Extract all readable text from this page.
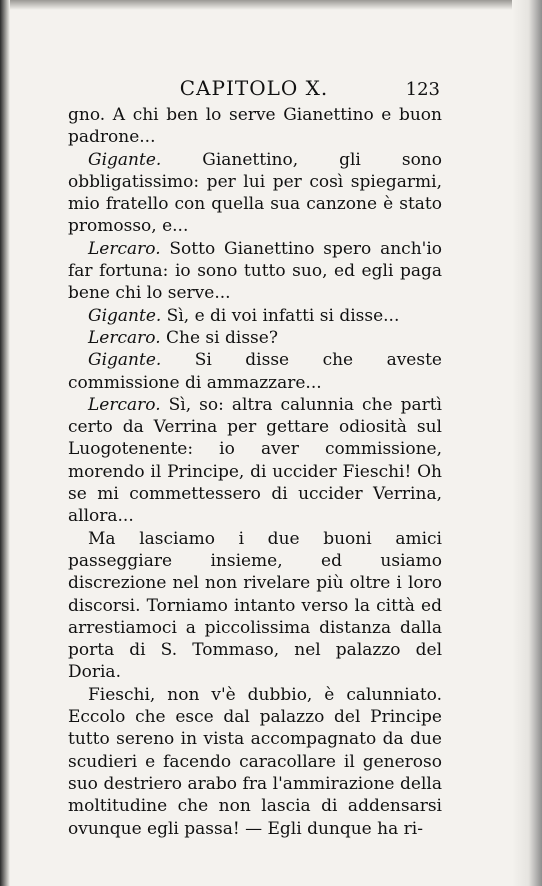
CAPITOLO X.	123

gno. A chi ben lo serve Gianettino e buon padrone...

Gigante. Gianettino, gli sono obbligatissimo: per lui per così spiegarmi, mio fratello con quella sua canzone è stato promosso, e...

Lercaro. Sotto Gianettino spero anch'io far fortuna: io sono tutto suo, ed egli paga bene chi lo serve...

Gigante. Sì, e di voi infatti si disse...

Lercaro. Che si disse?

Gigante. Si disse che aveste commissione di ammazzare...

Lercaro. Sì, so: altra calunnia che partì certo da Verrina per gettare odiosità sul Luogotenente: io aver commissione, morendo il Principe, di uccider Fieschi! Oh se mi commettessero di uccider Verrina, allora...

Ma lasciamo i due buoni amici passeggiare insieme, ed usiamo discrezione nel non rivelare più oltre i loro discorsi. Torniamo intanto verso la città ed arrestiamoci a piccolissima distanza dalla porta di S. Tommaso, nel palazzo del Doria.

Fieschi, non v'è dubbio, è calunniato. Eccolo che esce dal palazzo del Principe tutto sereno in vista accompagnato da due scudieri e facendo caracollare il generoso suo destriero arabo fra l'ammirazione della moltitudine che non lascia di addensarsi ovunque egli passa! — Egli dunque ha ri-
